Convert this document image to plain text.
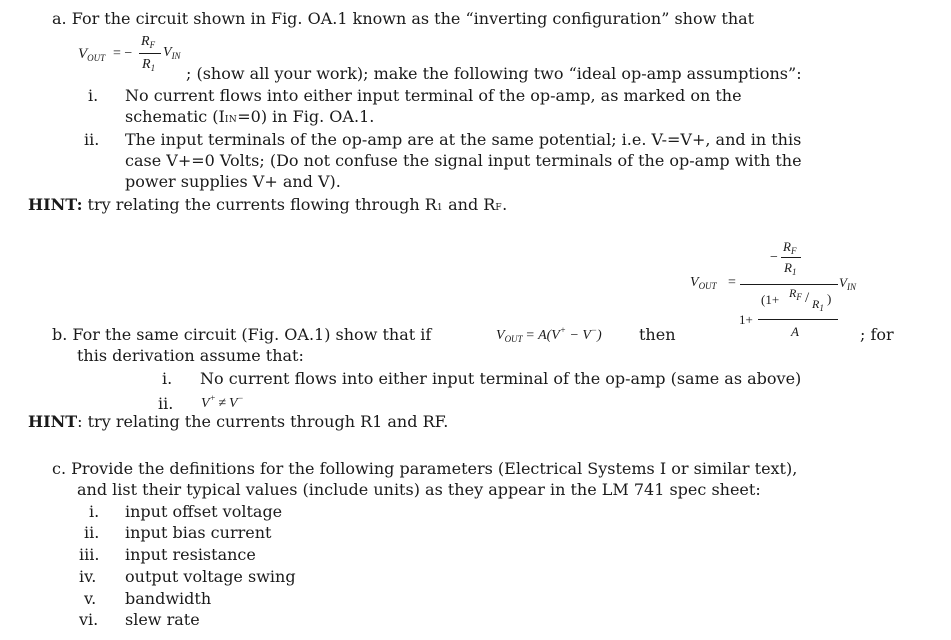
a. For the circuit shown in Fig. OA.1 known as the “inverting configuration” show that
$V_{OUT}$ = −
$R_F$
$R_1$
$V_{IN}$
; (show all your work); make the following two “ideal op-amp assumptions”:
i. No current flows into either input terminal of the op-amp, as marked on the
schematic (IIN=0) in Fig. OA.1.
ii. The input terminals of the op-amp are at the same potential; i.e. V-=V+, and in this
case V+=0 Volts; (Do not confuse the signal input terminals of the op-amp with the
power supplies V+ and V).
HINT: try relating the currents flowing through R1 and RF.
$V_{OUT}$ =
−
$R_F$
$R_1$
$V_{IN}$
1+
($1+ R_F / R_1$
)
A
b. For the same circuit (Fig. OA.1) show that if	$V_{OUT} = A(V^+ - V^-)$ then	; for
this derivation assume that:
i. No current flows into either input terminal of the op-amp (same as above)
ii. V+  ≠  V−
HINT: try relating the currents through R1 and RF.
c. Provide the definitions for the following parameters (Electrical Systems I or similar text),
and list their typical values (include units) as they appear in the LM 741 spec sheet:
i. input offset voltage
ii. input bias current
iii. input resistance
iv. output voltage swing
v. bandwidth
vi. slew rate
